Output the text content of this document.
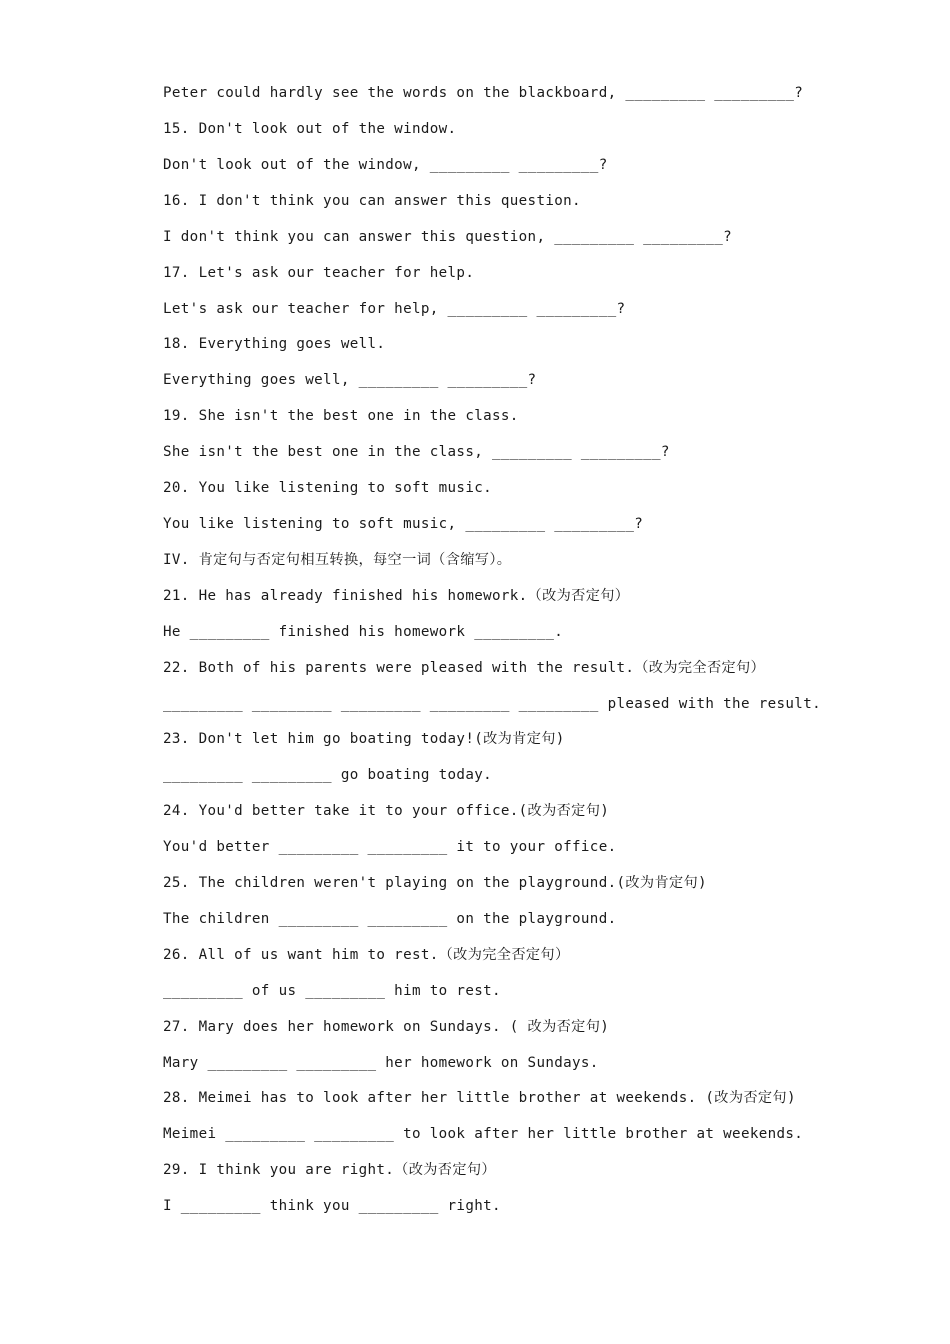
Peter could hardly see the words on the blackboard, _________ _________?
15. Don't look out of the window.
Don't look out of the window, _________ _________?
16. I don't think you can answer this question.
I don't think you can answer this question, _________ _________?
17. Let's ask our teacher for help.
Let's ask our teacher for help, _________ _________?
18. Everything goes well.
Everything goes well, _________ _________?
19. She isn't the best one in the class.
She isn't the best one in the class, _________ _________?
20. You like listening to soft music.
You like listening to soft music, _________ _________?
IV. 肯定句与否定句相互转换，每空一词（含缩写）。
21. He has already finished his homework.（改为否定句）
He _________ finished his homework _________.
22. Both of his parents were pleased with the result.（改为完全否定句）
_________ _________ _________ _________ _________ pleased with the result.
23. Don't let him go boating today!(改为肯定句)
_________ _________ go boating today.
24. You'd better take it to your office.(改为否定句)
You'd better _________ _________ it to your office.
25. The children weren't playing on the playground.(改为肯定句)
The children _________ _________ on the playground.
26. All of us want him to rest.（改为完全否定句）
_________ of us _________ him to rest.
27. Mary does her homework on Sundays. ( 改为否定句)
Mary _________ _________ her homework on Sundays.
28. Meimei has to look after her little brother at weekends. (改为否定句)
Meimei _________ _________ to look after her little brother at weekends.
29. I think you are right.（改为否定句）
I _________ think you _________ right.
